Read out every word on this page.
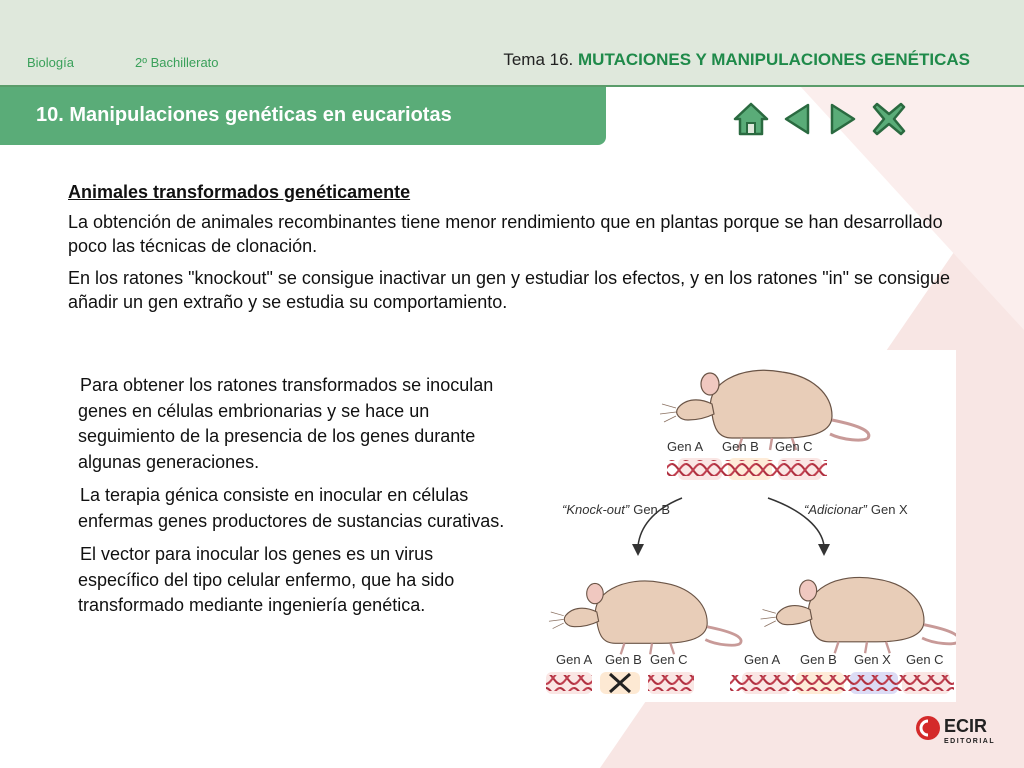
Biología	2º Bachillerato	Tema 16. MUTACIONES Y MANIPULACIONES GENÉTICAS
10. Manipulaciones genéticas en eucariotas
Animales transformados genéticamente

La obtención de animales recombinantes tiene menor rendimiento que en plantas porque se han desarrollado poco las técnicas de clonación.

En los ratones "knockout" se consigue inactivar un gen y estudiar los efectos, y en los ratones "in" se consigue añadir un gen extraño y se estudia su comportamiento.

Para obtener los ratones transformados se inoculan genes en células embrionarias y se hace un seguimiento de la presencia de los genes durante algunas generaciones.

La terapia génica consiste en inocular en células enfermas genes productores de sustancias curativas.

El vector para inocular los genes es un virus específico del tipo celular enfermo, que ha sido transformado mediante ingeniería genética.

Gen A Gen B Gen C
“Knock-out” Gen B	“Adicionar” Gen X
Gen A Gen B Gen C	Gen A Gen B Gen X Gen C
ECIR
EDITORIAL
